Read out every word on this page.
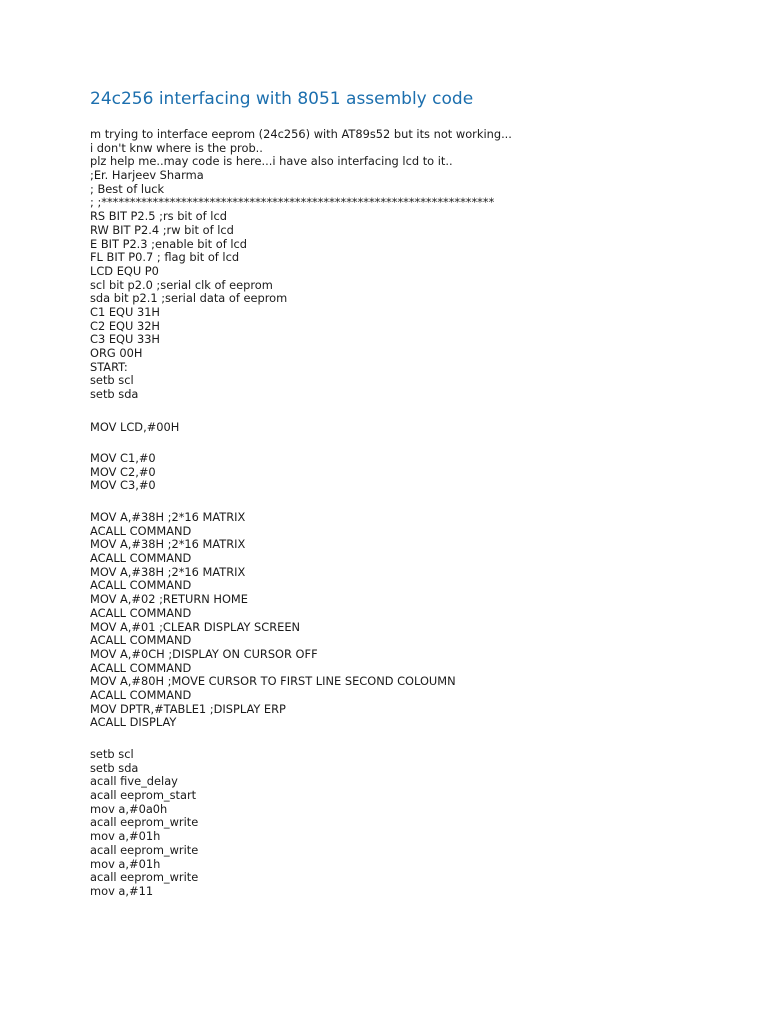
24c256 interfacing with 8051 assembly code
m trying to interface eeprom (24c256) with AT89s52 but its not working...
i don't knw where is the prob..
plz help me..may code is here...i have also interfacing lcd to it..
;Er. Harjeev Sharma
; Best of luck
; ;*********************************************************************
RS BIT P2.5 ;rs bit of lcd
RW BIT P2.4 ;rw bit of lcd
E BIT P2.3 ;enable bit of lcd
FL BIT P0.7 ; flag bit of lcd
LCD EQU P0
scl bit p2.0 ;serial clk of eeprom
sda bit p2.1 ;serial data of eeprom
C1 EQU 31H
C2 EQU 32H
C3 EQU 33H
ORG 00H
START:
setb scl
setb sda
MOV LCD,#00H
MOV C1,#0
MOV C2,#0
MOV C3,#0
MOV A,#38H ;2*16 MATRIX
ACALL COMMAND
MOV A,#38H ;2*16 MATRIX
ACALL COMMAND
MOV A,#38H ;2*16 MATRIX
ACALL COMMAND
MOV A,#02 ;RETURN HOME
ACALL COMMAND
MOV A,#01 ;CLEAR DISPLAY SCREEN
ACALL COMMAND
MOV A,#0CH ;DISPLAY ON CURSOR OFF
ACALL COMMAND
MOV A,#80H ;MOVE CURSOR TO FIRST LINE SECOND COLOUMN
ACALL COMMAND
MOV DPTR,#TABLE1 ;DISPLAY ERP
ACALL DISPLAY
setb scl
setb sda
acall five_delay
acall eeprom_start
mov a,#0a0h
acall eeprom_write
mov a,#01h
acall eeprom_write
mov a,#01h
acall eeprom_write
mov a,#11
